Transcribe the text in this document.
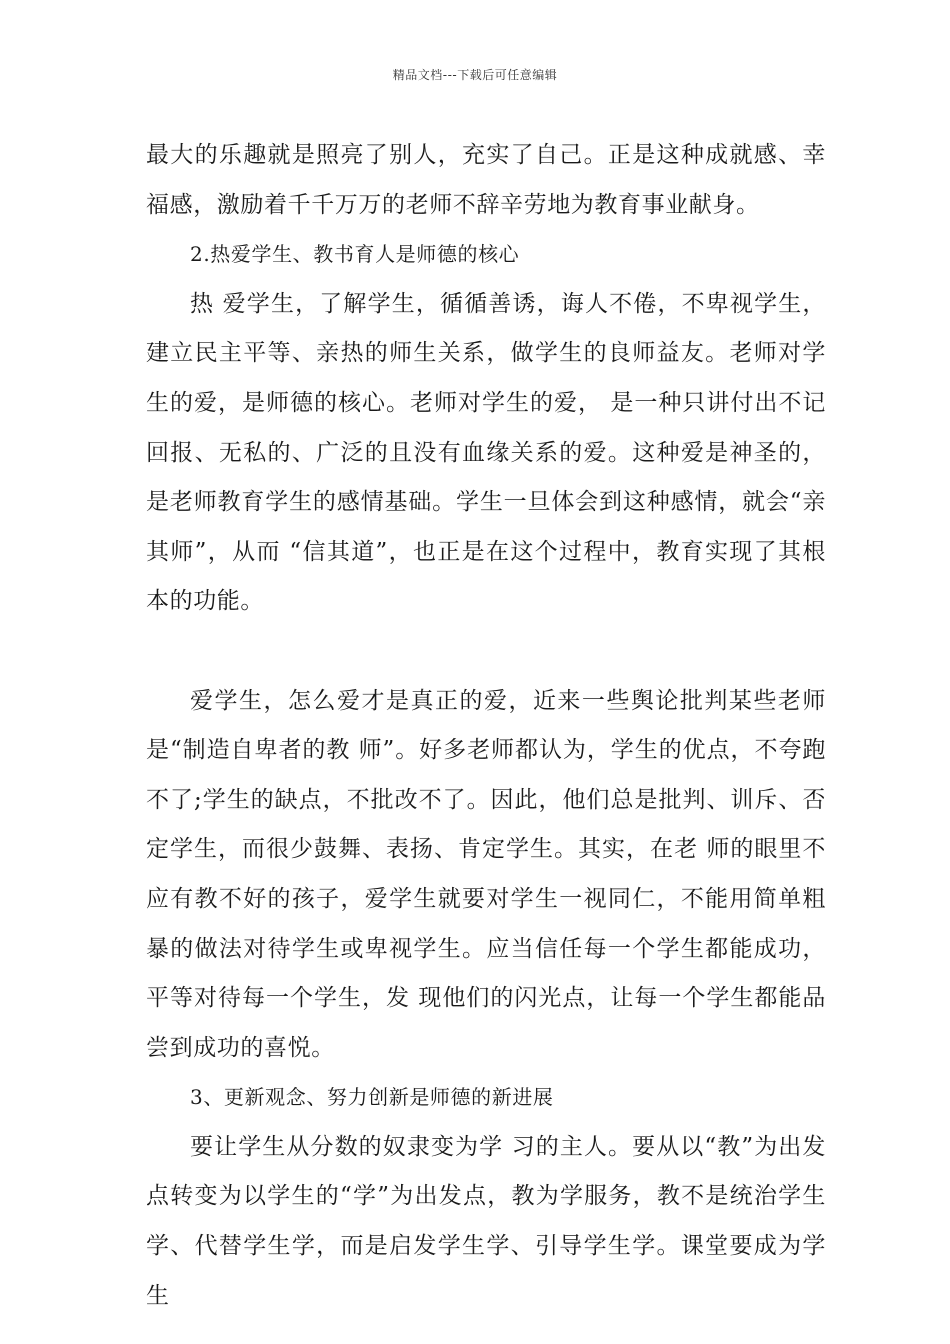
精品文档---下载后可任意编辑

最大的乐趣就是照亮了别人，充实了自己。正是这种成就感、幸福感，激励着千千万万的老师不辞辛劳地为教育事业献身。

2.热爱学生、教书育人是师德的核心

热 爱学生，了解学生，循循善诱，诲人不倦，不卑视学生，建立民主平等、亲热的师生关系，做学生的良师益友。老师对学生的爱，是师德的核心。老师对学生的爱， 是一种只讲付出不记回报、无私的、广泛的且没有血缘关系的爱。这种爱是神圣的，是老师教育学生的感情基础。学生一旦体会到这种感情，就会“亲其师”，从而 “信其道”，也正是在这个过程中，教育实现了其根本的功能。

爱学生，怎么爱才是真正的爱，近来一些舆论批判某些老师是“制造自卑者的教 师”。好多老师都认为，学生的优点，不夸跑不了;学生的缺点，不批改不了。因此，他们总是批判、训斥、否定学生，而很少鼓舞、表扬、肯定学生。其实，在老 师的眼里不应有教不好的孩子，爱学生就要对学生一视同仁，不能用简单粗暴的做法对待学生或卑视学生。应当信任每一个学生都能成功，平等对待每一个学生，发 现他们的闪光点，让每一个学生都能品尝到成功的喜悦。

3、更新观念、努力创新是师德的新进展

要让学生从分数的奴隶变为学 习的主人。要从以“教”为出发点转变为以学生的“学”为出发点，教为学服务，教不是统治学生学、代替学生学，而是启发学生学、引导学生学。课堂要成为学生
